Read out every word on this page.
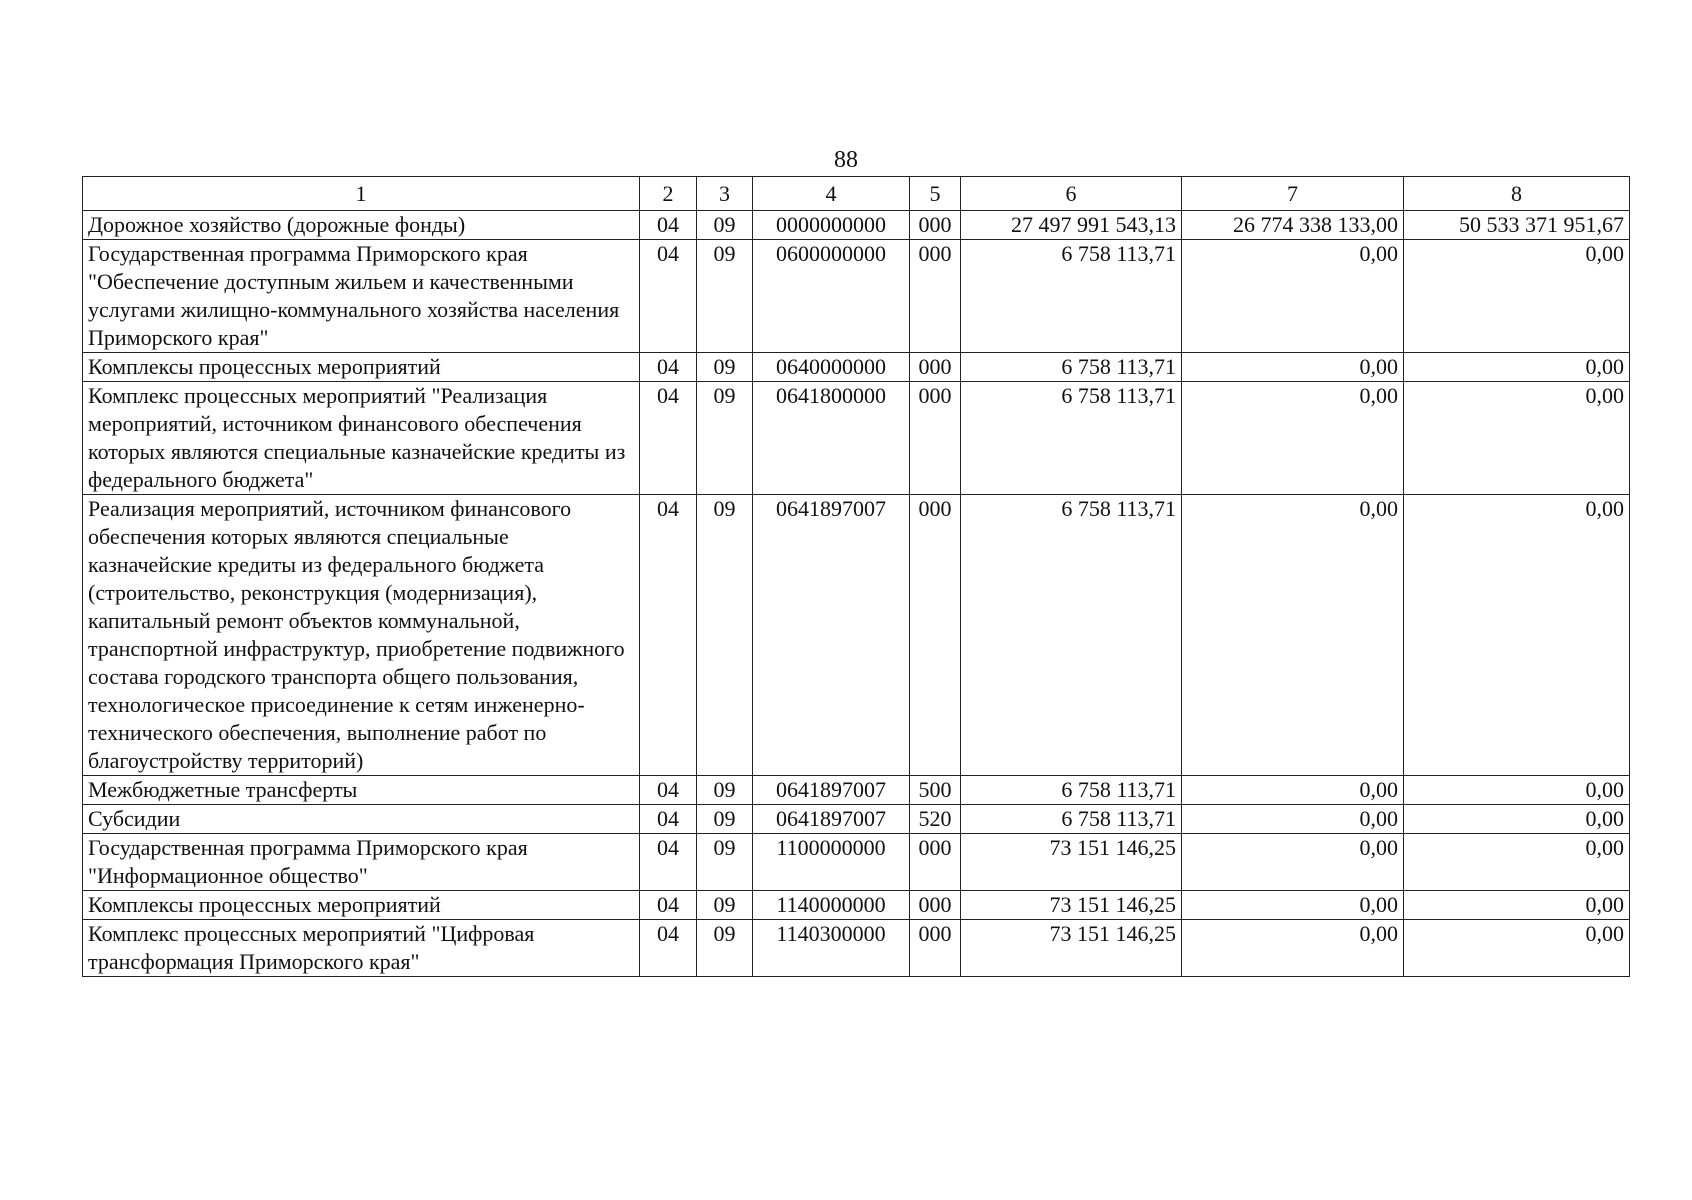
88
1	2	3	4	5	6	7	8
Дорожное хозяйство (дорожные фонды)	04	09	0000000000	000	27 497 991 543,13	26 774 338 133,00	50 533 371 951,67
Государственная программа Приморского края "Обеспечение доступным жильем и качественными услугами жилищно-коммунального хозяйства населения Приморского края"	04	09	0600000000	000	6 758 113,71	0,00	0,00
Комплексы процессных мероприятий	04	09	0640000000	000	6 758 113,71	0,00	0,00
Комплекс процессных мероприятий "Реализация мероприятий, источником финансового обеспечения которых являются специальные казначейские кредиты из федерального бюджета"	04	09	0641800000	000	6 758 113,71	0,00	0,00
Реализация мероприятий, источником финансового обеспечения которых являются специальные казначейские кредиты из федерального бюджета (строительство, реконструкция (модернизация), капитальный ремонт объектов коммунальной, транспортной инфраструктур, приобретение подвижного состава городского транспорта общего пользования, технологическое присоединение к сетям инженерно-технического обеспечения, выполнение работ по благоустройству территорий)	04	09	0641897007	000	6 758 113,71	0,00	0,00
Межбюджетные трансферты	04	09	0641897007	500	6 758 113,71	0,00	0,00
Субсидии	04	09	0641897007	520	6 758 113,71	0,00	0,00
Государственная программа Приморского края "Информационное общество"	04	09	1100000000	000	73 151 146,25	0,00	0,00
Комплексы процессных мероприятий	04	09	1140000000	000	73 151 146,25	0,00	0,00
Комплекс процессных мероприятий "Цифровая трансформация Приморского края"	04	09	1140300000	000	73 151 146,25	0,00	0,00
